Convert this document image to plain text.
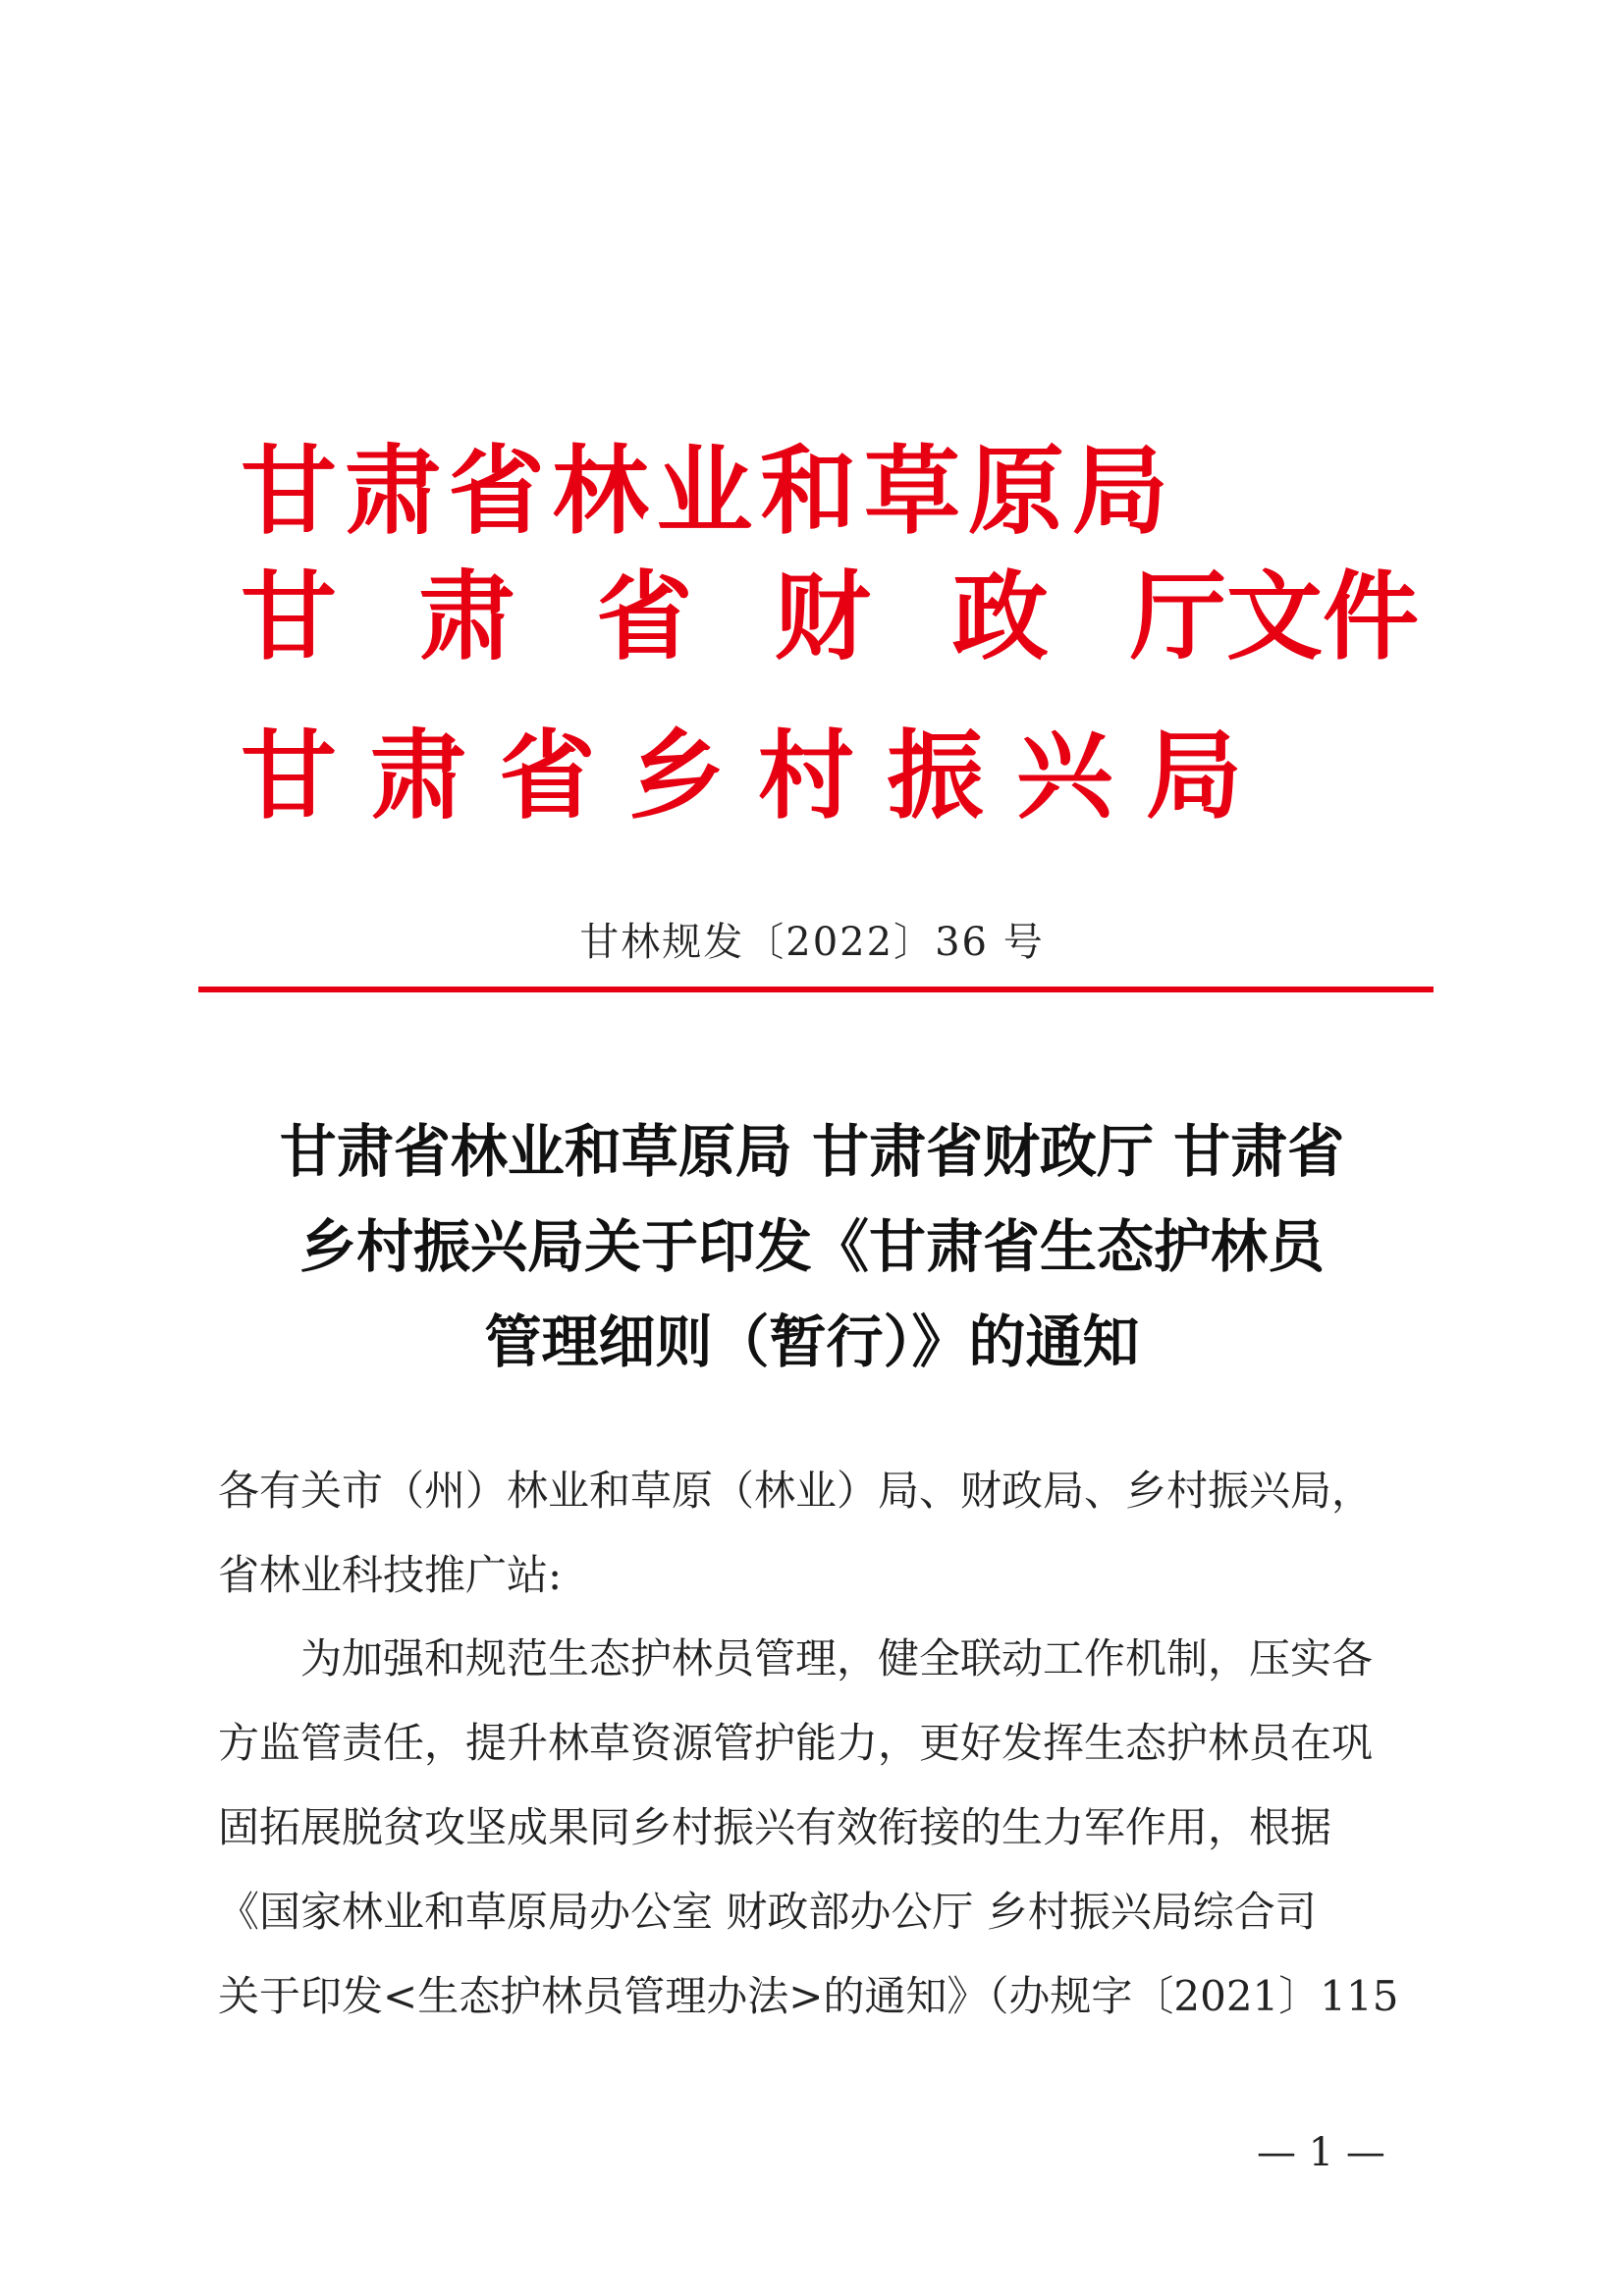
甘肃省林业和草原局
甘 肃 省 财 政 厅文件
甘 肃 省 乡 村 振 兴 局

甘林规发〔2022〕36 号

甘肃省林业和草原局 甘肃省财政厅 甘肃省
乡村振兴局关于印发《甘肃省生态护林员
管理细则（暂行）》的通知

各有关市（州）林业和草原（林业）局、财政局、乡村振兴局，

省林业科技推广站:

为加强和规范生态护林员管理，健全联动工作机制，压实各

方监管责任，提升林草资源管护能力，更好发挥生态护林员在巩

固拓展脱贫攻坚成果同乡村振兴有效衔接的生力军作用，根据

《国家林业和草原局办公室 财政部办公厅 乡村振兴局综合司

关于印发<生态护林员管理办法>的通知》（办规字〔2021〕115

— 1 —
